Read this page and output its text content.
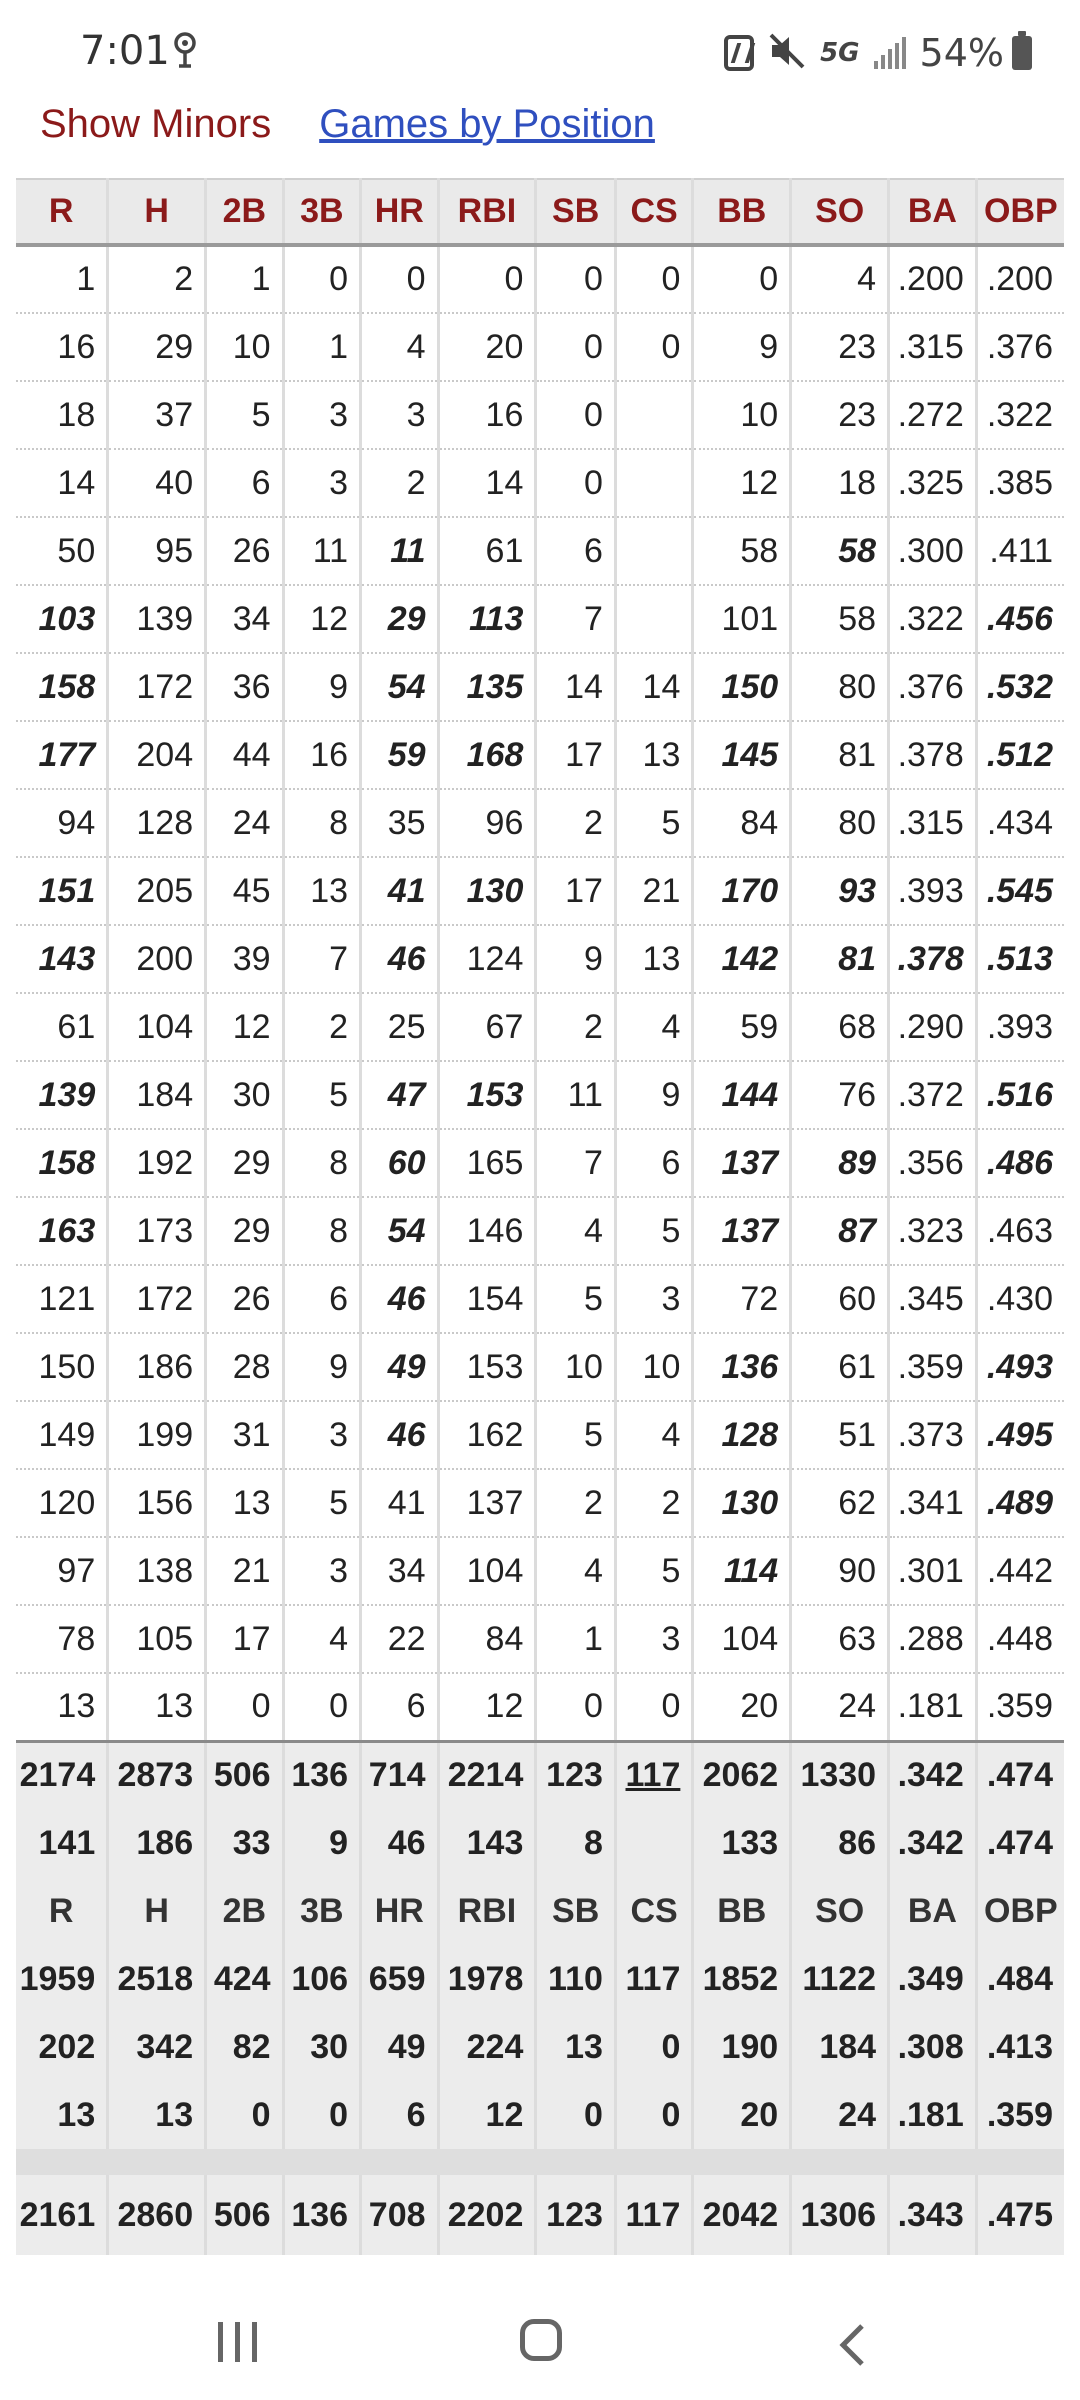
7:01	5G 54%
Show Minors Games by Position
R	H	2B	3B	HR	RBI	SB	CS	BB	SO	BA	OBP
1	2	1	0	0	0	0	0	0	4	.200	.200
16	29	10	1	4	20	0	0	9	23	.315	.376
18	37	5	3	3	16	0		10	23	.272	.322
14	40	6	3	2	14	0		12	18	.325	.385
50	95	26	11	11	61	6		58	58	.300	.411
103	139	34	12	29	113	7		101	58	.322	.456
158	172	36	9	54	135	14	14	150	80	.376	.532
177	204	44	16	59	168	17	13	145	81	.378	.512
94	128	24	8	35	96	2	5	84	80	.315	.434
151	205	45	13	41	130	17	21	170	93	.393	.545
143	200	39	7	46	124	9	13	142	81	.378	.513
61	104	12	2	25	67	2	4	59	68	.290	.393
139	184	30	5	47	153	11	9	144	76	.372	.516
158	192	29	8	60	165	7	6	137	89	.356	.486
163	173	29	8	54	146	4	5	137	87	.323	.463
121	172	26	6	46	154	5	3	72	60	.345	.430
150	186	28	9	49	153	10	10	136	61	.359	.493
149	199	31	3	46	162	5	4	128	51	.373	.495
120	156	13	5	41	137	2	2	130	62	.341	.489
97	138	21	3	34	104	4	5	114	90	.301	.442
78	105	17	4	22	84	1	3	104	63	.288	.448
13	13	0	0	6	12	0	0	20	24	.181	.359
2174	2873	506	136	714	2214	123	117	2062	1330	.342	.474
141	186	33	9	46	143	8		133	86	.342	.474
R	H	2B	3B	HR	RBI	SB	CS	BB	SO	BA	OBP
1959	2518	424	106	659	1978	110	117	1852	1122	.349	.484
202	342	82	30	49	224	13	0	190	184	.308	.413
13	13	0	0	6	12	0	0	20	24	.181	.359

2161	2860	506	136	708	2202	123	117	2042	1306	.343	.475
